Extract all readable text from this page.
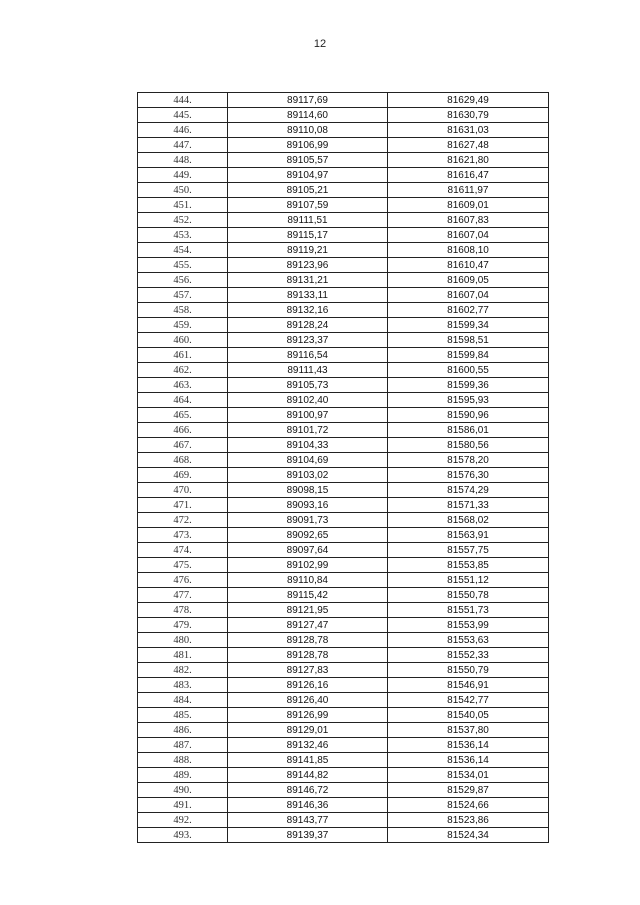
12
444.	89117,69	81629,49
445.	89114,60	81630,79
446.	89110,08	81631,03
447.	89106,99	81627,48
448.	89105,57	81621,80
449.	89104,97	81616,47
450.	89105,21	81611,97
451.	89107,59	81609,01
452.	89111,51	81607,83
453.	89115,17	81607,04
454.	89119,21	81608,10
455.	89123,96	81610,47
456.	89131,21	81609,05
457.	89133,11	81607,04
458.	89132,16	81602,77
459.	89128,24	81599,34
460.	89123,37	81598,51
461.	89116,54	81599,84
462.	89111,43	81600,55
463.	89105,73	81599,36
464.	89102,40	81595,93
465.	89100,97	81590,96
466.	89101,72	81586,01
467.	89104,33	81580,56
468.	89104,69	81578,20
469.	89103,02	81576,30
470.	89098,15	81574,29
471.	89093,16	81571,33
472.	89091,73	81568,02
473.	89092,65	81563,91
474.	89097,64	81557,75
475.	89102,99	81553,85
476.	89110,84	81551,12
477.	89115,42	81550,78
478.	89121,95	81551,73
479.	89127,47	81553,99
480.	89128,78	81553,63
481.	89128,78	81552,33
482.	89127,83	81550,79
483.	89126,16	81546,91
484.	89126,40	81542,77
485.	89126,99	81540,05
486.	89129,01	81537,80
487.	89132,46	81536,14
488.	89141,85	81536,14
489.	89144,82	81534,01
490.	89146,72	81529,87
491.	89146,36	81524,66
492.	89143,77	81523,86
493.	89139,37	81524,34
